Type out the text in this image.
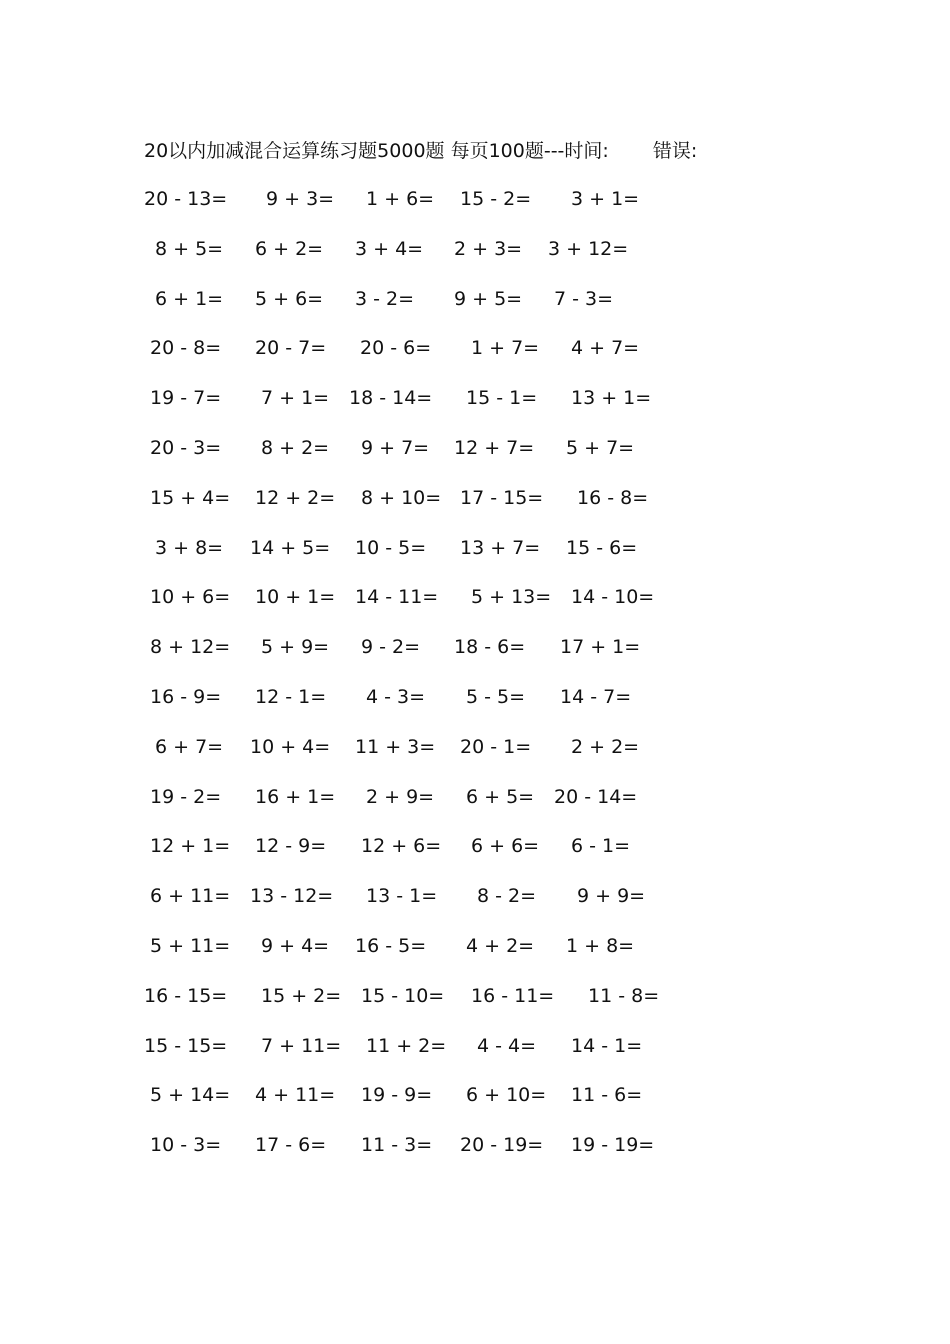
20以内加减混合运算练习题5000题 每页100题---时间: 错误:
20 - 13= 9 + 3= 1 + 6= 15 - 2= 3 + 1=
8 + 5= 6 + 2= 3 + 4= 2 + 3= 3 + 12=
6 + 1= 5 + 6= 3 - 2= 9 + 5= 7 - 3=
20 - 8= 20 - 7= 20 - 6= 1 + 7= 4 + 7=
19 - 7= 7 + 1= 18 - 14= 15 - 1= 13 + 1=
20 - 3= 8 + 2= 9 + 7= 12 + 7= 5 + 7=
15 + 4= 12 + 2= 8 + 10= 17 - 15= 16 - 8=
3 + 8= 14 + 5= 10 - 5= 13 + 7= 15 - 6=
10 + 6= 10 + 1= 14 - 11= 5 + 13= 14 - 10=
8 + 12= 5 + 9= 9 - 2= 18 - 6= 17 + 1=
16 - 9= 12 - 1= 4 - 3= 5 - 5= 14 - 7=
6 + 7= 10 + 4= 11 + 3= 20 - 1= 2 + 2=
19 - 2= 16 + 1= 2 + 9= 6 + 5= 20 - 14=
12 + 1= 12 - 9= 12 + 6= 6 + 6= 6 - 1=
6 + 11= 13 - 12= 13 - 1= 8 - 2= 9 + 9=
5 + 11= 9 + 4= 16 - 5= 4 + 2= 1 + 8=
16 - 15= 15 + 2= 15 - 10= 16 - 11= 11 - 8=
15 - 15= 7 + 11= 11 + 2= 4 - 4= 14 - 1=
5 + 14= 4 + 11= 19 - 9= 6 + 10= 11 - 6=
10 - 3= 17 - 6= 11 - 3= 20 - 19= 19 - 19=
